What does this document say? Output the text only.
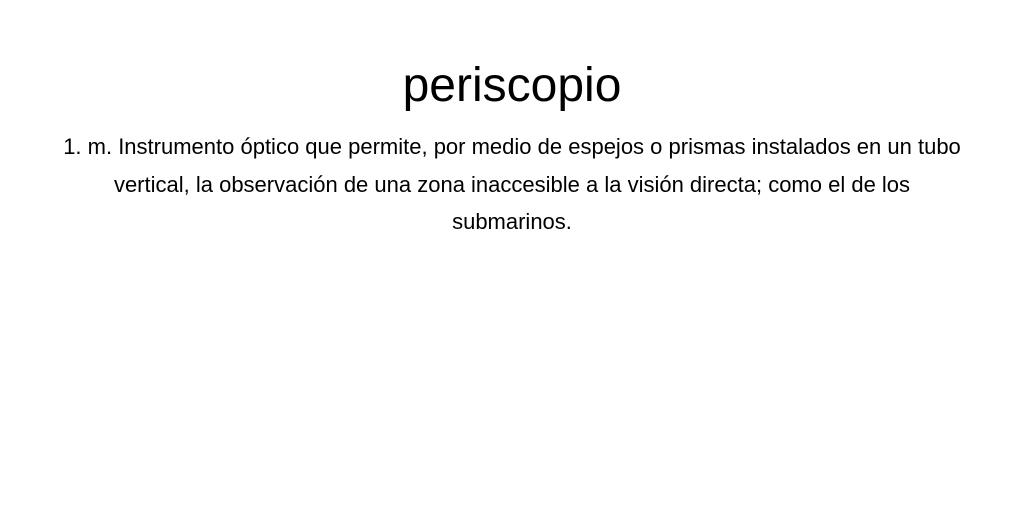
periscopio

1. m. Instrumento óptico que permite, por medio de espejos o prismas instalados en un tubo vertical, la observación de una zona inaccesible a la visión directa; como el de los submarinos.
